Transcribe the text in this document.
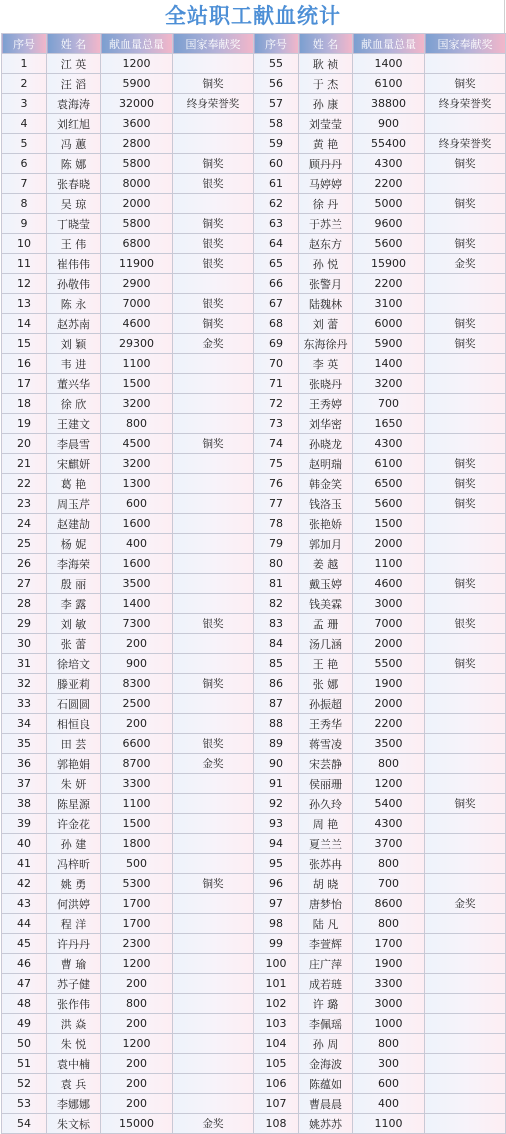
全站职工献血统计
序号	姓 名	献血量总量	国家奉献奖	序号	姓 名	献血量总量	国家奉献奖
1	江 英	1200		55	耿 祯	1400	
2	汪 滔	5900	铜奖	56	于 杰	6100	铜奖
3	袁海涛	32000	终身荣誉奖	57	孙 康	38800	终身荣誉奖
4	刘红旭	3600		58	刘莹莹	900	
5	冯 蕙	2800		59	黄 艳	55400	终身荣誉奖
6	陈 娜	5800	铜奖	60	顾丹丹	4300	铜奖
7	张春晓	8000	银奖	61	马婷婷	2200	
8	吴 琼	2000		62	徐 丹	5000	铜奖
9	丁晓莹	5800	铜奖	63	于苏兰	9600	
10	王 伟	6800	银奖	64	赵东方	5600	铜奖
11	崔伟伟	11900	银奖	65	孙 悦	15900	金奖
12	孙敬伟	2900		66	张警月	2200	
13	陈 永	7000	银奖	67	陆魏林	3100	
14	赵苏南	4600	铜奖	68	刘 蕾	6000	铜奖
15	刘 颖	29300	金奖	69	东海徐丹	5900	铜奖
16	韦 进	1100		70	李 英	1400	
17	董兴华	1500		71	张晓丹	3200	
18	徐 欣	3200		72	王秀婷	700	
19	王建文	800		73	刘华密	1650	
20	李晨雪	4500	铜奖	74	孙晓龙	4300	
21	宋麒妍	3200		75	赵明瑞	6100	铜奖
22	葛 艳	1300		76	韩金笑	6500	铜奖
23	周玉芹	600		77	钱洛玉	5600	铜奖
24	赵建劼	1600		78	张艳娇	1500	
25	杨 妮	400		79	郭加月	2000	
26	李海荣	1600		80	姜 越	1100	
27	殷 丽	3500		81	戴玉婷	4600	铜奖
28	李 露	1400		82	钱美霖	3000	
29	刘 敏	7300	银奖	83	孟 珊	7000	银奖
30	张 蕾	200		84	汤几涵	2000	
31	徐培文	900		85	王 艳	5500	铜奖
32	滕亚莉	8300	铜奖	86	张 娜	1900	
33	石圆圆	2500		87	孙振超	2000	
34	相恒良	200		88	王秀华	2200	
35	田 芸	6600	银奖	89	蒋雪凌	3500	
36	郭艳娟	8700	金奖	90	宋芸静	800	
37	朱 妍	3300		91	侯丽珊	1200	
38	陈星源	1100		92	孙久玲	5400	铜奖
39	许金花	1500		93	周 艳	4300	
40	孙 建	1800		94	夏兰兰	3700	
41	冯梓昕	500		95	张苏冉	800	
42	姚 勇	5300	铜奖	96	胡 晓	700	
43	何洪婷	1700		97	唐梦怡	8600	金奖
44	程 洋	1700		98	陆 凡	800	
45	许丹丹	2300		99	李萱辉	1700	
46	曹 瑜	1200		100	庄广萍	1900	
47	苏子健	200		101	成若琏	3300	
48	张作伟	800		102	许 璐	3000	
49	洪 焱	200		103	李佩瑶	1000	
50	朱 悦	1200		104	孙 周	800	
51	袁中楠	200		105	金海波	300	
52	袁 兵	200		106	陈蕴如	600	
53	李娜娜	200		107	曹晨晨	400	
54	朱文标	15000	金奖	108	姚苏苏	1100	
